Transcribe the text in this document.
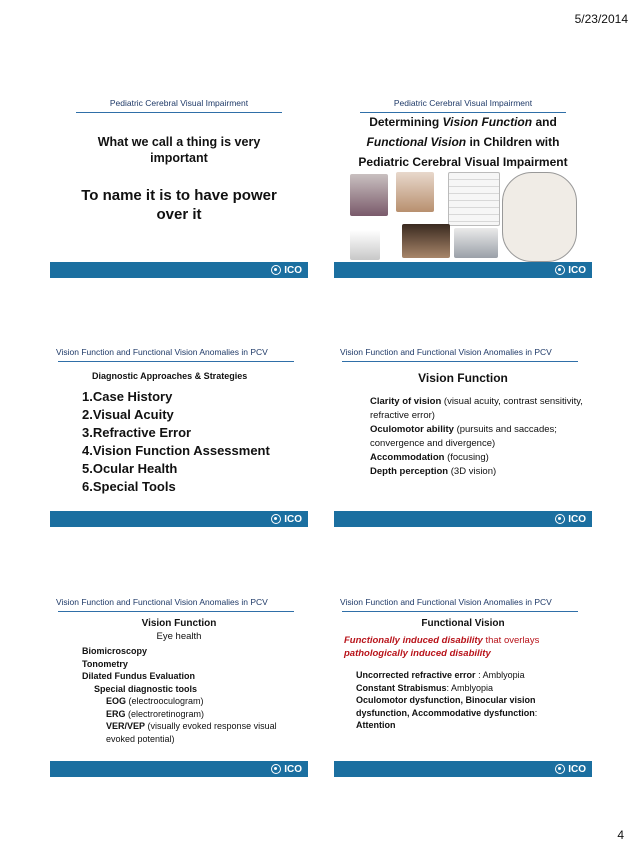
5/23/2014
Pediatric Cerebral Visual Impairment
What we call a thing is very
important
To name it is to have power
over it
ICO
Pediatric Cerebral Visual Impairment
Determining Vision Function and
Functional Vision in Children with
Pediatric Cerebral Visual Impairment
ICO
Vision Function and Functional Vision Anomalies in PCV
Diagnostic Approaches & Strategies
1.Case History
2.Visual Acuity
3.Refractive Error
4.Vision Function Assessment
5.Ocular Health
6.Special Tools
ICO
Vision Function and Functional Vision Anomalies in PCV
Vision Function
Clarity of vision (visual acuity, contrast sensitivity, refractive error)
Oculomotor ability (pursuits and saccades; convergence and divergence)
Accommodation (focusing)
Depth perception (3D vision)
ICO
Vision Function and Functional Vision Anomalies in PCV
Vision Function
Eye health
Biomicroscopy
Tonometry
Dilated Fundus Evaluation
Special diagnostic tools
EOG (electrooculogram)
ERG (electroretinogram)
VER/VEP (visually evoked response visual evoked potential)
ICO
Vision Function and Functional Vision Anomalies in PCV
Functional Vision
Functionally induced disability that overlays
pathologically induced disability
Uncorrected refractive error : Amblyopia
Constant Strabismus: Amblyopia
Oculomotor dysfunction, Binocular vision dysfunction, Accommodative dysfunction:
Attention
ICO
4
